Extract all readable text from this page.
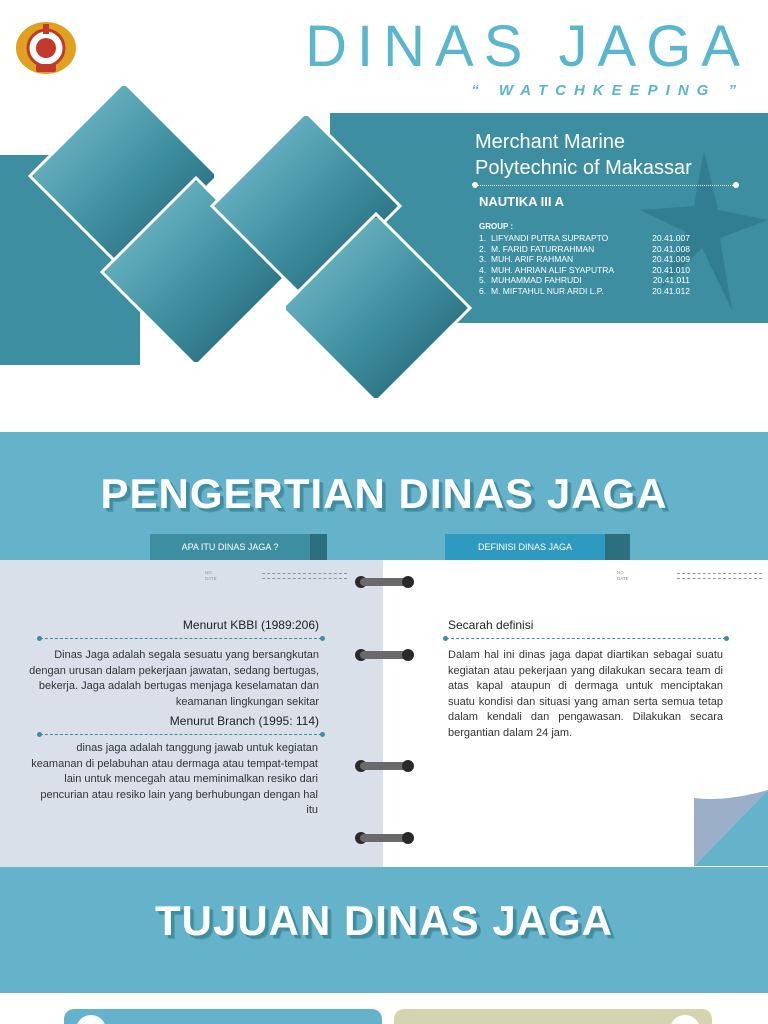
DINAS JAGA
“ WATCHKEEPING ”
Merchant Marine
Polytechnic of Makassar
NAUTIKA III A
GROUP :
1. LIFYANDI PUTRA SUPRAPTO	20.41.007
2. M. FARID FATURRAHMAN	20.41.008
3. MUH. ARIF RAHMAN	20.41.009
4. MUH. AHRIAN ALIF SYAPUTRA	20.41.010
5. MUHAMMAD FAHRUDI	20.41.011
6. M. MIFTAHUL NUR ARDI L.P.	20.41.012
PENGERTIAN DINAS JAGA
APA ITU DINAS JAGA ?	DEFINISI DINAS JAGA
NO
DATE
Menurut KBBI (1989:206)
Dinas Jaga adalah segala sesuatu yang bersangkutan dengan urusan dalam pekerjaan jawatan, sedang bertugas, bekerja. Jaga adalah bertugas menjaga keselamatan dan keamanan lingkungan sekitar
Menurut Branch (1995: 114)
dinas jaga adalah tanggung jawab untuk kegiatan keamanan di pelabuhan atau dermaga atau tempat-tempat lain untuk mencegah atau meminimalkan resiko dari pencurian atau resiko lain yang berhubungan dengan hal itu
NO
DATE
Secarah definisi
Dalam hal ini dinas jaga dapat diartikan sebagai suatu kegiatan atau pekerjaan yang dilakukan secara team di atas kapal ataupun di dermaga untuk menciptakan suatu kondisi dan situasi yang aman serta semua tetap dalam kendali dan pengawasan. Dilakukan secara bergantian dalam 24 jam.
TUJUAN DINAS JAGA
